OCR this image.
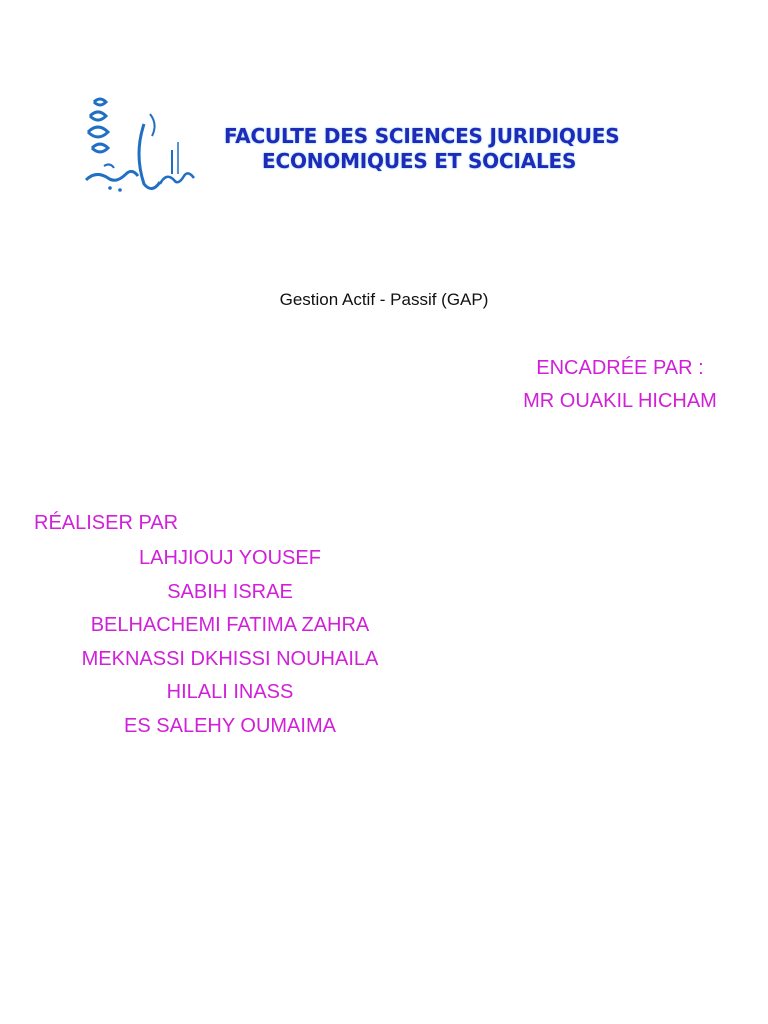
FACULTE DES SCIENCES JURIDIQUES
ECONOMIQUES ET SOCIALES
Gestion Actif - Passif (GAP)
ENCADRÉE PAR :
MR OUAKIL HICHAM
RÉALISER PAR
LAHJIOUJ YOUSEF
SABIH ISRAE
BELHACHEMI FATIMA ZAHRA
MEKNASSI DKHISSI NOUHAILA
HILALI INASS
ES SALEHY OUMAIMA
